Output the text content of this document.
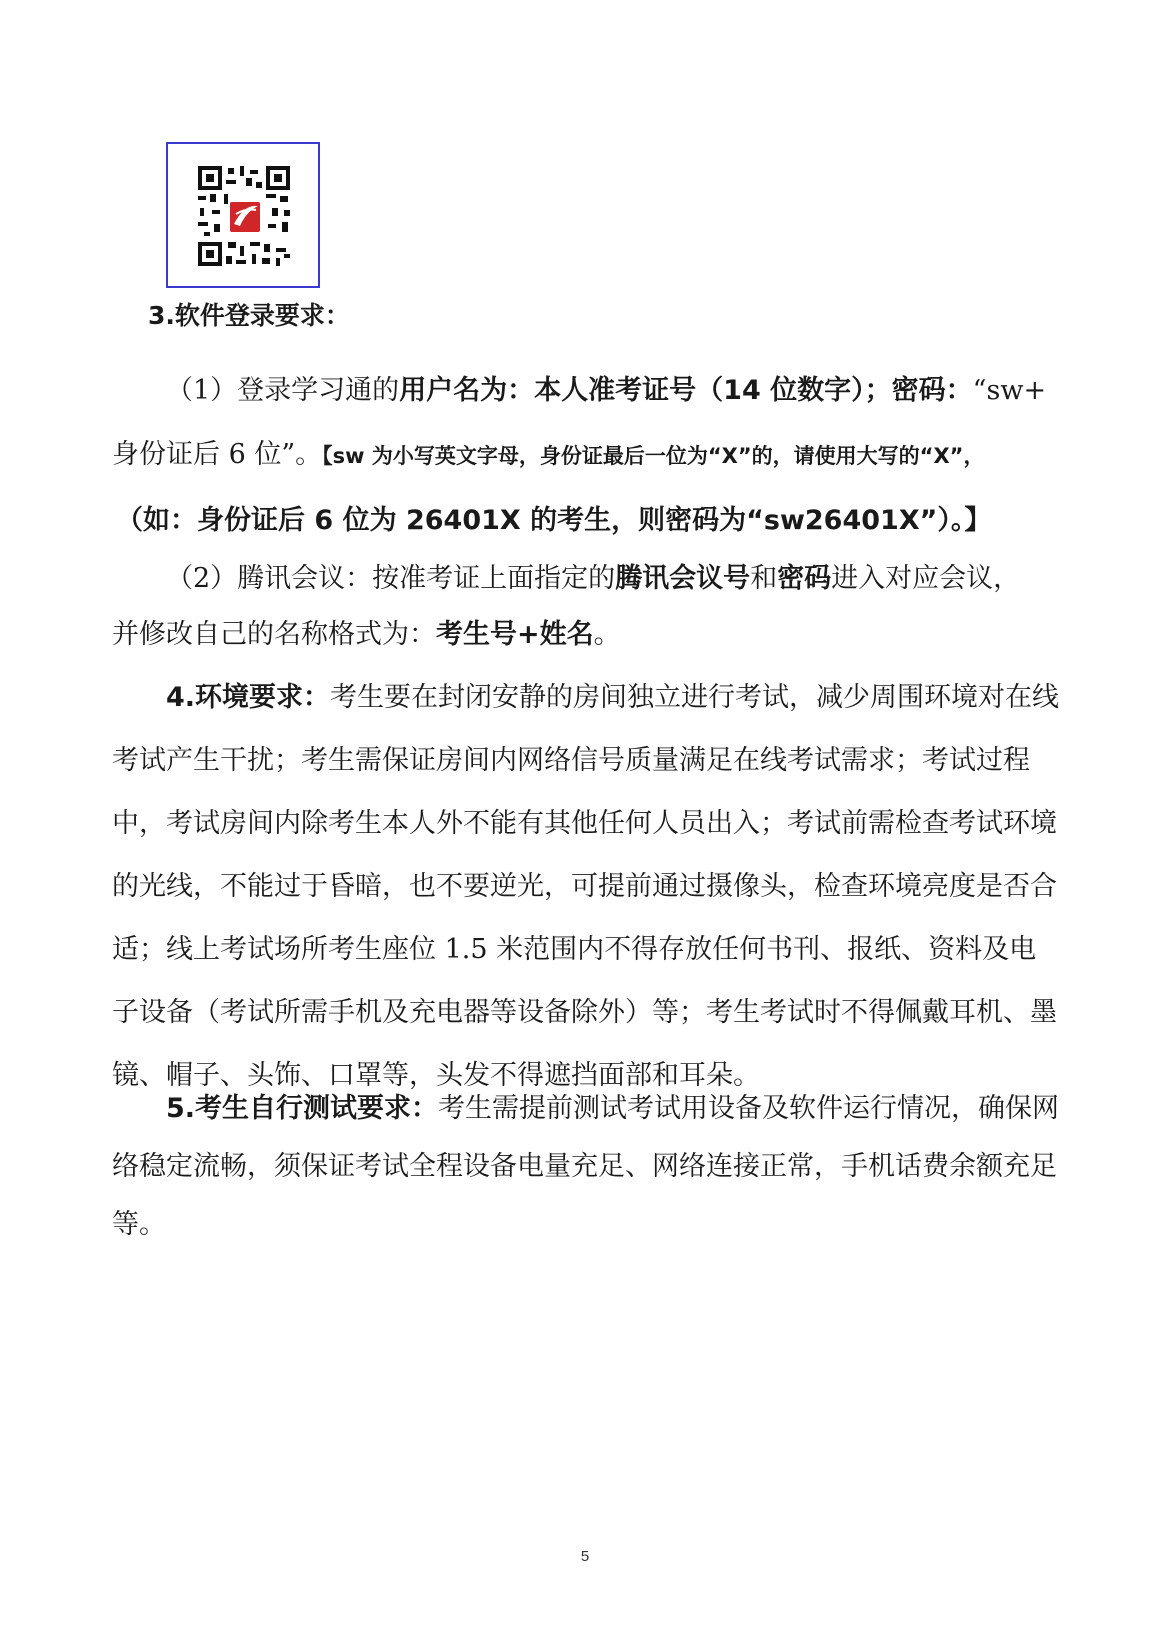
3.软件登录要求：
（1）登录学习通的用户名为：本人准考证号（14 位数字）；密码：“sw+
身份证后 6 位”。【sw 为小写英文字母，身份证最后一位为“X”的，请使用大写的“X”，
（如：身份证后 6 位为 26401X 的考生，则密码为“sw26401X”）。】
（2）腾讯会议：按准考证上面指定的腾讯会议号和密码进入对应会议，
并修改自己的名称格式为：考生号+姓名。
4.环境要求：考生要在封闭安静的房间独立进行考试，减少周围环境对在线考试产生干扰；考生需保证房间内网络信号质量满足在线考试需求；考试过程中，考试房间内除考生本人外不能有其他任何人员出入；考试前需检查考试环境的光线，不能过于昏暗，也不要逆光，可提前通过摄像头，检查环境亮度是否合适；线上考试场所考生座位 1.5 米范围内不得存放任何书刊、报纸、资料及电子设备（考试所需手机及充电器等设备除外）等；考生考试时不得佩戴耳机、墨镜、帽子、头饰、口罩等，头发不得遮挡面部和耳朵。
5.考生自行测试要求：考生需提前测试考试用设备及软件运行情况，确保网络稳定流畅，须保证考试全程设备电量充足、网络连接正常，手机话费余额充足等。
5
